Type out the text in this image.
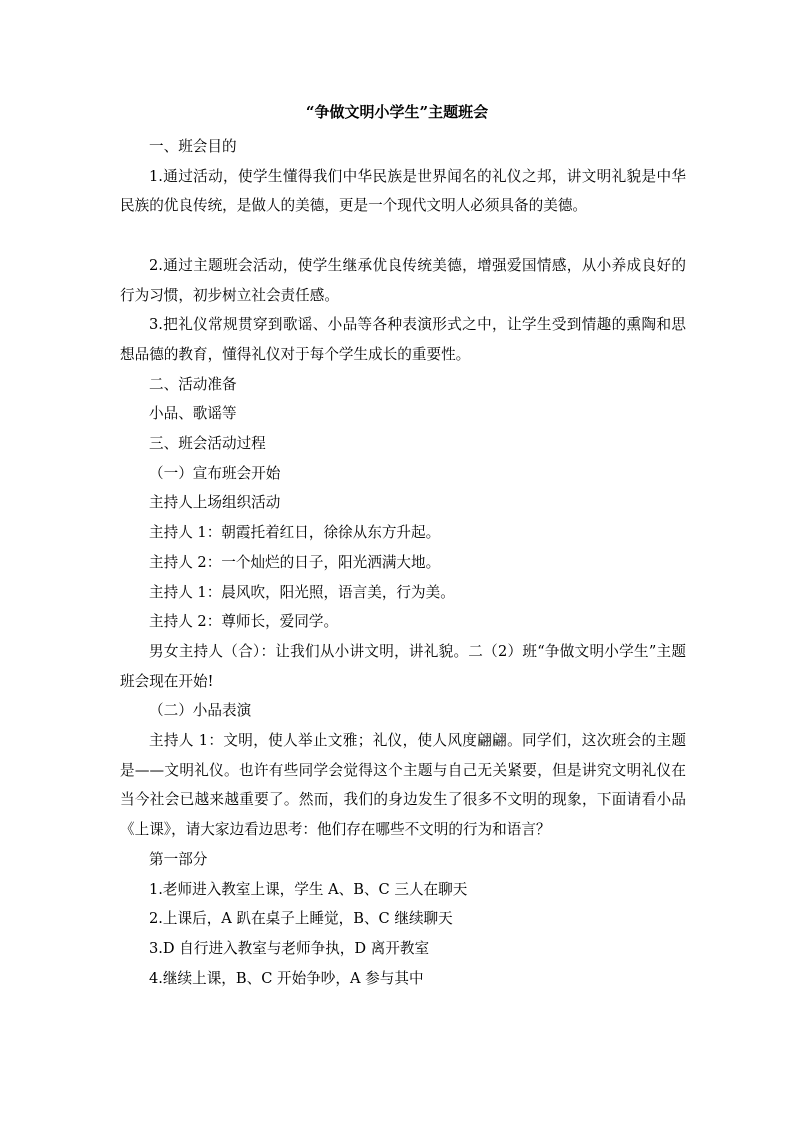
“争做文明小学生”主题班会

一、班会目的

1.通过活动，使学生懂得我们中华民族是世界闻名的礼仪之邦，讲文明礼貌是中华民族的优良传统，是做人的美德，更是一个现代文明人必须具备的美德。

2.通过主题班会活动，使学生继承优良传统美德，增强爱国情感，从小养成良好的行为习惯，初步树立社会责任感。

3.把礼仪常规贯穿到歌谣、小品等各种表演形式之中，让学生受到情趣的熏陶和思想品德的教育，懂得礼仪对于每个学生成长的重要性。

二、活动准备

小品、歌谣等

三、班会活动过程

（一）宣布班会开始

主持人上场组织活动

主持人 1：朝霞托着红日，徐徐从东方升起。

主持人 2：一个灿烂的日子，阳光洒满大地。

主持人 1：晨风吹，阳光照，语言美，行为美。

主持人 2：尊师长，爱同学。

男女主持人（合）：让我们从小讲文明，讲礼貌。二（2）班“争做文明小学生”主题班会现在开始!

（二）小品表演

主持人 1：文明，使人举止文雅；礼仪，使人风度翩翩。同学们，这次班会的主题是——文明礼仪。也许有些同学会觉得这个主题与自己无关紧要，但是讲究文明礼仪在当今社会已越来越重要了。然而，我们的身边发生了很多不文明的现象，下面请看小品《上课》，请大家边看边思考：他们存在哪些不文明的行为和语言？

第一部分

1.老师进入教室上课，学生 A、B、C 三人在聊天

2.上课后，A 趴在桌子上睡觉，B、C 继续聊天

3.D 自行进入教室与老师争执，D 离开教室

4.继续上课，B、C 开始争吵，A 参与其中
